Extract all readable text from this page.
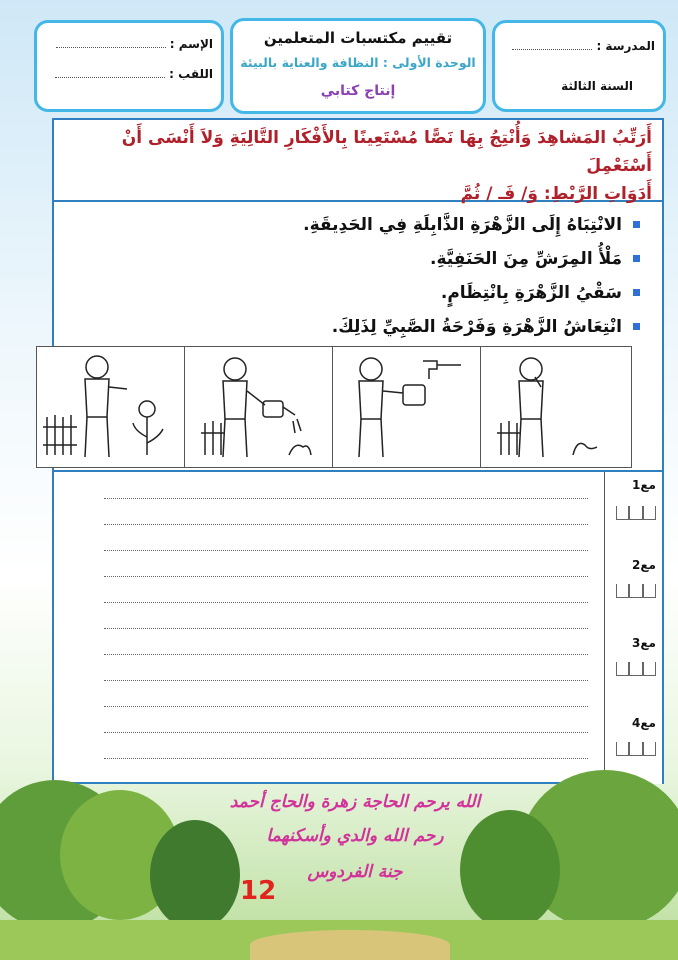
الإسم :
اللقب :
تقييم مكتسبات المتعلمين
الوحدة الأولى : النظافة والعناية بالبيئة
إنتاج كتابي
المدرسة :
السنة الثالثة
أَرَتِّبُ المَشاهِدَ وَأُنْتِجُ بِهَا نَصًّا مُسْتَعِينًا بِالأَفْكَارِ التَّالِيَةِ وَلاَ أَنْسَى أَنْ أَسْتَعْمِلَ
أَدَوَاتِ الرَّبْطِ: وَ/ فَـ / ثُمَّ
الانْتِبَاهُ إِلَى الزَّهْرَةِ الذَّابِلَةِ فِي الحَدِيقَةِ.
مَلْأُ المِرَشِّ مِنَ الحَنَفِيَّةِ.
سَقْيُ الزَّهْرَةِ بِانْتِظَامٍ.
انْتِعَاشُ الزَّهْرَةِ وَفَرْحَةُ الصَّبِيِّ لِذَلِكَ.
مع1
مع2
مع3
مع4
الله يرحم الحاجة زهرة والحاج أحمد
رحم الله والدي وأسكنهما
جنة الفردوس
12
